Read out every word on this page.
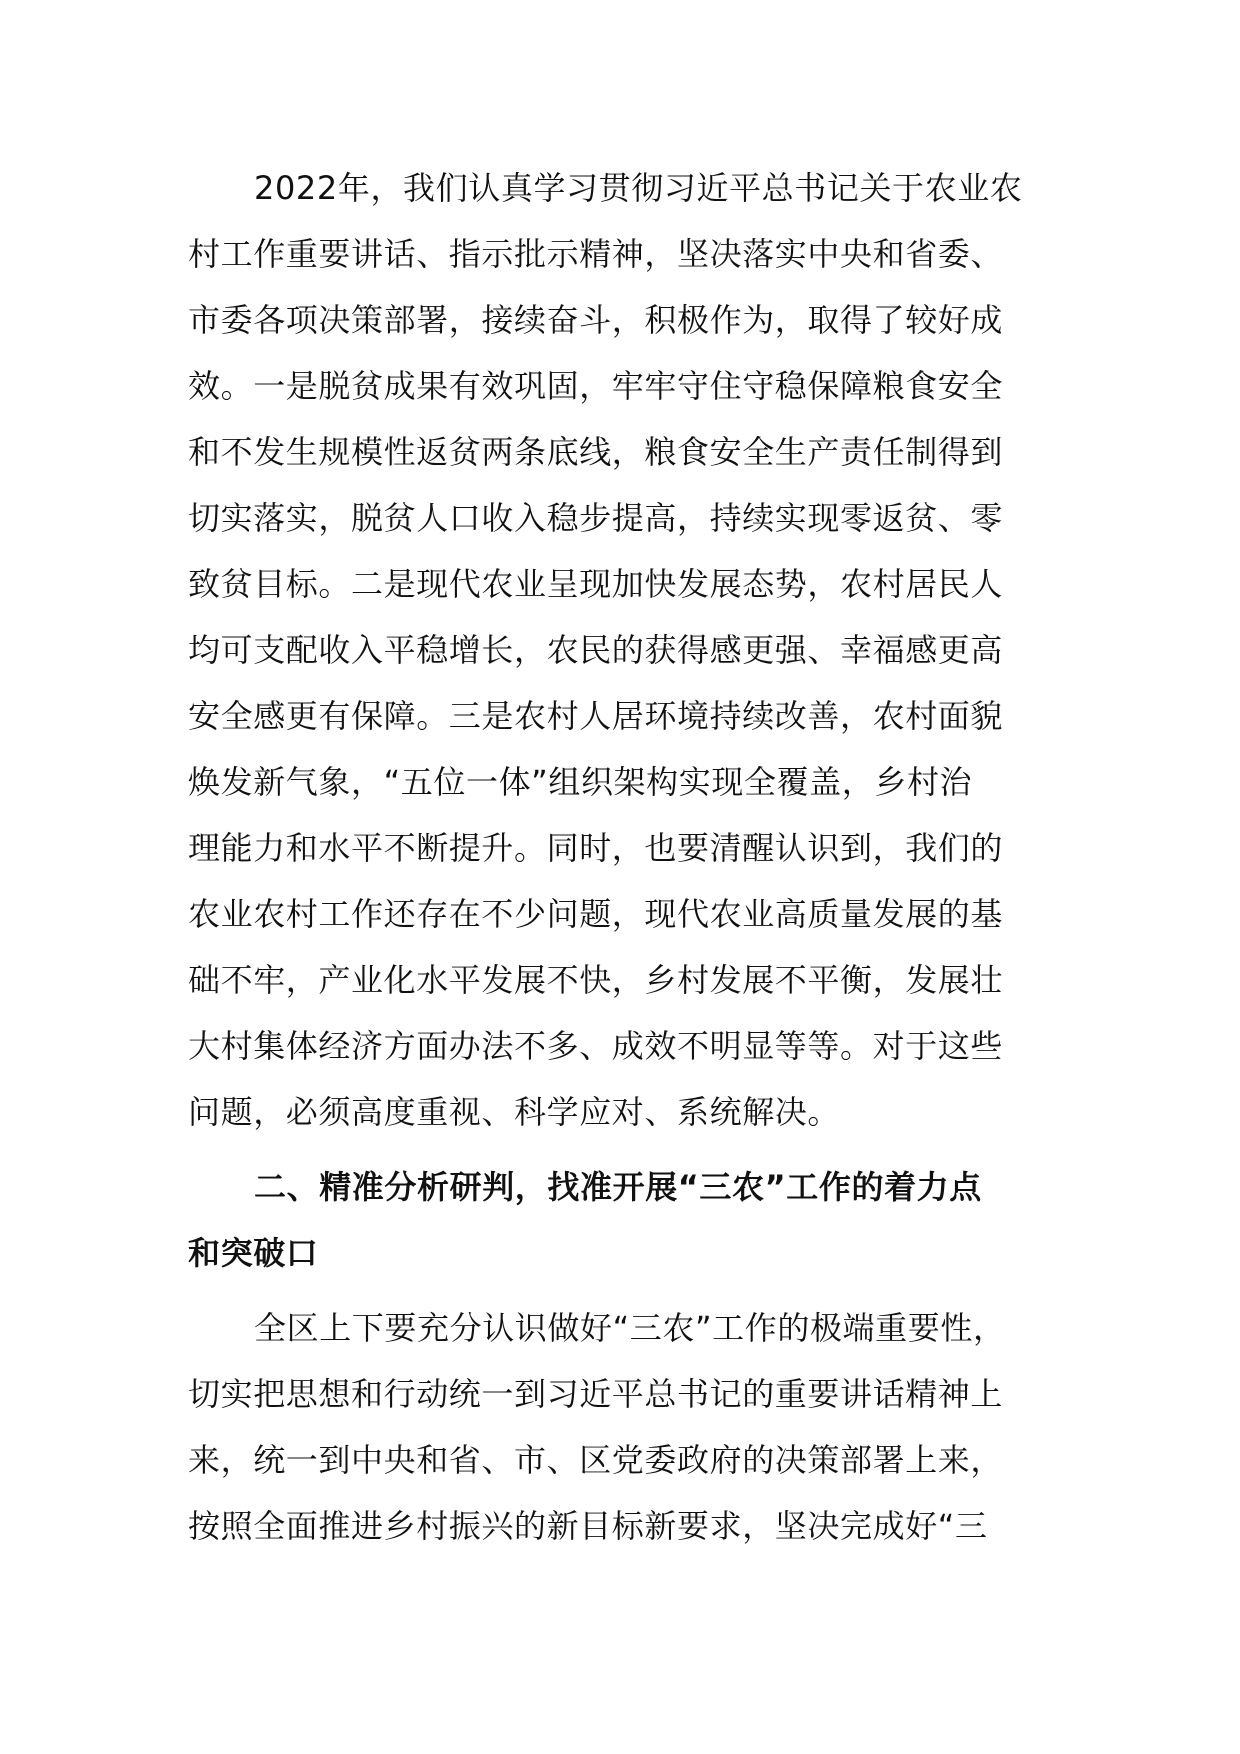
2022年，我们认真学习贯彻习近平总书记关于农业农
村工作重要讲话、指示批示精神，坚决落实中央和省委、
市委各项决策部署，接续奋斗，积极作为，取得了较好成
效。一是脱贫成果有效巩固，牢牢守住守稳保障粮食安全
和不发生规模性返贫两条底线，粮食安全生产责任制得到
切实落实，脱贫人口收入稳步提高，持续实现零返贫、零
致贫目标。二是现代农业呈现加快发展态势，农村居民人
均可支配收入平稳增长，农民的获得感更强、幸福感更高
安全感更有保障。三是农村人居环境持续改善，农村面貌
焕发新气象，“五位一体”组织架构实现全覆盖，乡村治
理能力和水平不断提升。同时，也要清醒认识到，我们的
农业农村工作还存在不少问题，现代农业高质量发展的基
础不牢，产业化水平发展不快，乡村发展不平衡，发展壮
大村集体经济方面办法不多、成效不明显等等。对于这些
问题，必须高度重视、科学应对、系统解决。
二、精准分析研判，找准开展“三农”工作的着力点
和突破口
全区上下要充分认识做好“三农”工作的极端重要性，
切实把思想和行动统一到习近平总书记的重要讲话精神上
来，统一到中央和省、市、区党委政府的决策部署上来，
按照全面推进乡村振兴的新目标新要求，坚决完成好“三
